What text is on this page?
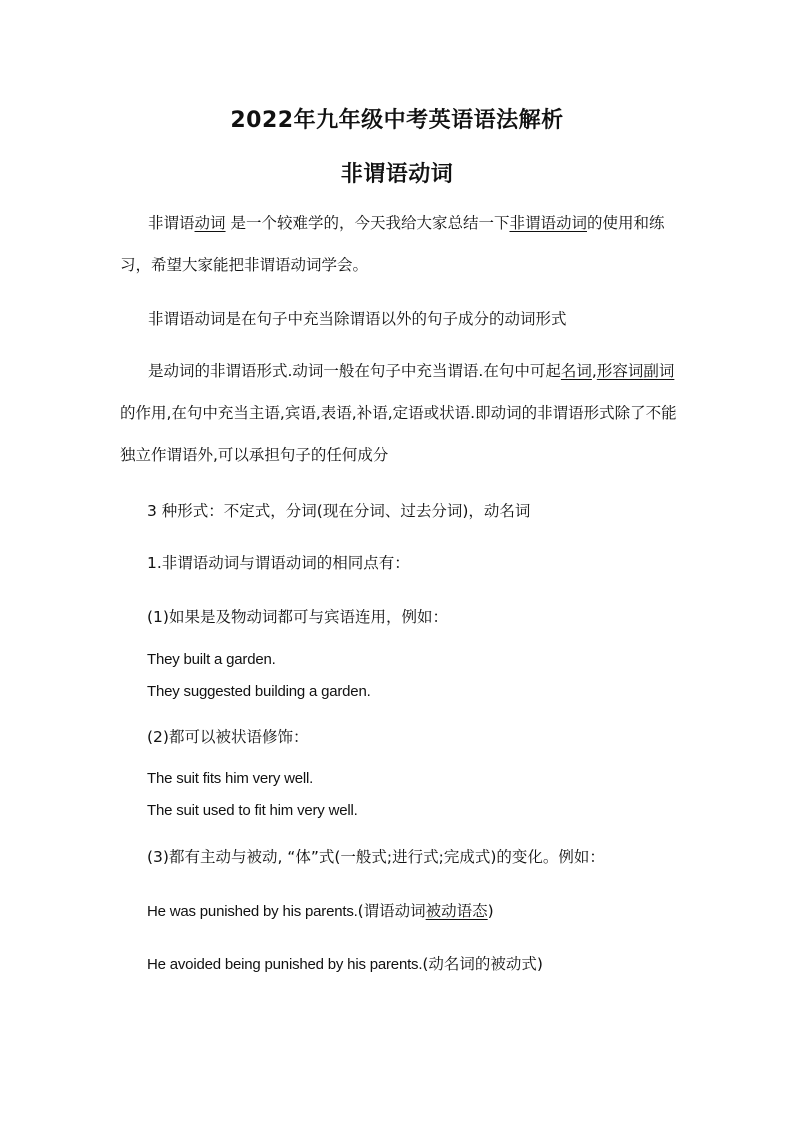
2022年九年级中考英语语法解析
非谓语动词

非谓语动词 是一个较难学的，今天我给大家总结一下非谓语动词的使用和练习，希望大家能把非谓语动词学会。

非谓语动词是在句子中充当除谓语以外的句子成分的动词形式

是动词的非谓语形式.动词一般在句子中充当谓语.在句中可起名词,形容词副词的作用,在句中充当主语,宾语,表语,补语,定语或状语.即动词的非谓语形式除了不能独立作谓语外,可以承担句子的任何成分

3 种形式：不定式，分词(现在分词、过去分词)，动名词
1.非谓语动词与谓语动词的相同点有：
(1)如果是及物动词都可与宾语连用，例如：
They built a garden.
They suggested building a garden.
(2)都可以被状语修饰：
The suit fits him very well.
The suit used to fit him very well.
(3)都有主动与被动, “体”式(一般式;进行式;完成式)的变化。例如：
He was punished by his parents.(谓语动词被动语态)
He avoided being punished by his parents.(动名词的被动式)
